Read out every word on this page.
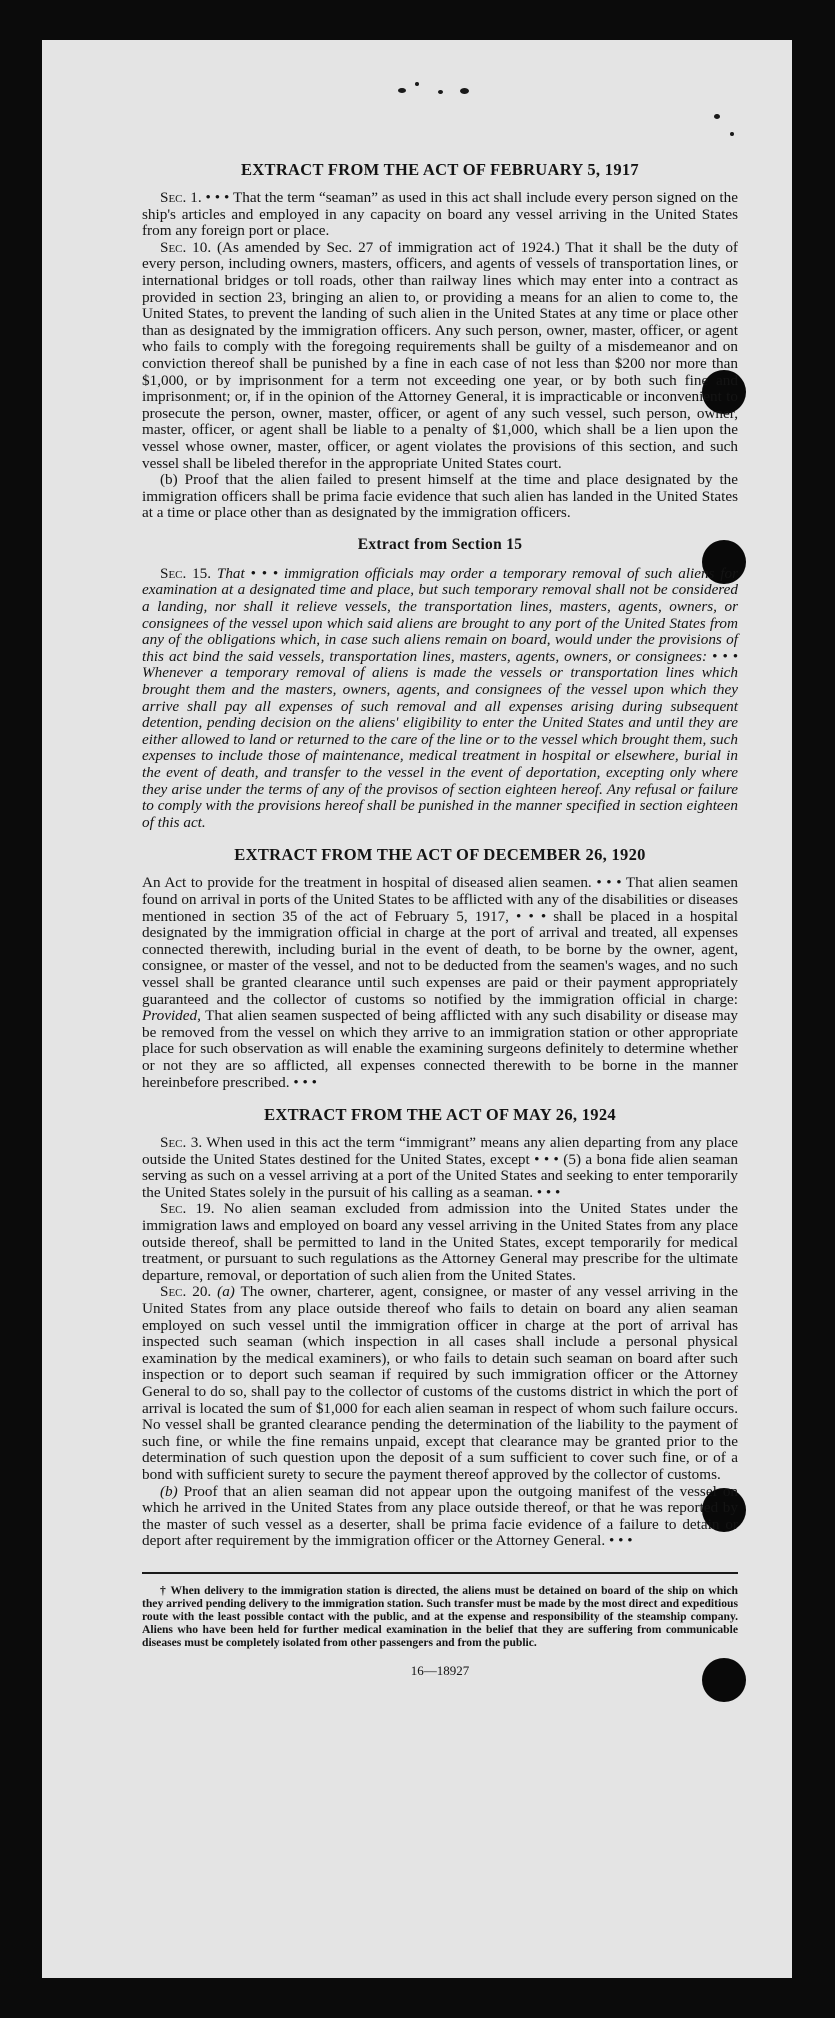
EXTRACT FROM THE ACT OF FEBRUARY 5, 1917

Sec. 1. • • • That the term “seaman” as used in this act shall include every person signed on the ship's articles and employed in any capacity on board any vessel arriving in the United States from any foreign port or place.

Sec. 10. (As amended by Sec. 27 of immigration act of 1924.) That it shall be the duty of every person, including owners, masters, officers, and agents of vessels of transportation lines, or international bridges or toll roads, other than railway lines which may enter into a contract as provided in section 23, bringing an alien to, or providing a means for an alien to come to, the United States, to prevent the landing of such alien in the United States at any time or place other than as designated by the immigration officers. Any such person, owner, master, officer, or agent who fails to comply with the foregoing requirements shall be guilty of a misdemeanor and on conviction thereof shall be punished by a fine in each case of not less than $200 nor more than $1,000, or by imprisonment for a term not exceeding one year, or by both such fine and imprisonment; or, if in the opinion of the Attorney General, it is impracticable or inconvenient to prosecute the person, owner, master, officer, or agent of any such vessel, such person, owner, master, officer, or agent shall be liable to a penalty of $1,000, which shall be a lien upon the vessel whose owner, master, officer, or agent violates the provisions of this section, and such vessel shall be libeled therefor in the appropriate United States court.

(b) Proof that the alien failed to present himself at the time and place designated by the immigration officers shall be prima facie evidence that such alien has landed in the United States at a time or place other than as designated by the immigration officers.

Extract from Section 15

Sec. 15. That • • • immigration officials may order a temporary removal of such aliens for examination at a designated time and place, but such temporary removal shall not be considered a landing, nor shall it relieve vessels, the transportation lines, masters, agents, owners, or consignees of the vessel upon which said aliens are brought to any port of the United States from any of the obligations which, in case such aliens remain on board, would under the provisions of this act bind the said vessels, transportation lines, masters, agents, owners, or consignees: • • • Whenever a temporary removal of aliens is made the vessels or transportation lines which brought them and the masters, owners, agents, and consignees of the vessel upon which they arrive shall pay all expenses of such removal and all expenses arising during subsequent detention, pending decision on the aliens' eligibility to enter the United States and until they are either allowed to land or returned to the care of the line or to the vessel which brought them, such expenses to include those of maintenance, medical treatment in hospital or elsewhere, burial in the event of death, and transfer to the vessel in the event of deportation, excepting only where they arise under the terms of any of the provisos of section eighteen hereof. Any refusal or failure to comply with the provisions hereof shall be punished in the manner specified in section eighteen of this act.

EXTRACT FROM THE ACT OF DECEMBER 26, 1920

An Act to provide for the treatment in hospital of diseased alien seamen. • • • That alien seamen found on arrival in ports of the United States to be afflicted with any of the disabilities or diseases mentioned in section 35 of the act of February 5, 1917, • • • shall be placed in a hospital designated by the immigration official in charge at the port of arrival and treated, all expenses connected therewith, including burial in the event of death, to be borne by the owner, agent, consignee, or master of the vessel, and not to be deducted from the seamen's wages, and no such vessel shall be granted clearance until such expenses are paid or their payment appropriately guaranteed and the collector of customs so notified by the immigration official in charge: Provided, That alien seamen suspected of being afflicted with any such disability or disease may be removed from the vessel on which they arrive to an immigration station or other appropriate place for such observation as will enable the examining surgeons definitely to determine whether or not they are so afflicted, all expenses connected therewith to be borne in the manner hereinbefore prescribed. • • •

EXTRACT FROM THE ACT OF MAY 26, 1924

Sec. 3. When used in this act the term “immigrant” means any alien departing from any place outside the United States destined for the United States, except • • • (5) a bona fide alien seaman serving as such on a vessel arriving at a port of the United States and seeking to enter temporarily the United States solely in the pursuit of his calling as a seaman. • • •

Sec. 19. No alien seaman excluded from admission into the United States under the immigration laws and employed on board any vessel arriving in the United States from any place outside thereof, shall be permitted to land in the United States, except temporarily for medical treatment, or pursuant to such regulations as the Attorney General may prescribe for the ultimate departure, removal, or deportation of such alien from the United States.

Sec. 20. (a) The owner, charterer, agent, consignee, or master of any vessel arriving in the United States from any place outside thereof who fails to detain on board any alien seaman employed on such vessel until the immigration officer in charge at the port of arrival has inspected such seaman (which inspection in all cases shall include a personal physical examination by the medical examiners), or who fails to detain such seaman on board after such inspection or to deport such seaman if required by such immigration officer or the Attorney General to do so, shall pay to the collector of customs of the customs district in which the port of arrival is located the sum of $1,000 for each alien seaman in respect of whom such failure occurs. No vessel shall be granted clearance pending the determination of the liability to the payment of such fine, or while the fine remains unpaid, except that clearance may be granted prior to the determination of such question upon the deposit of a sum sufficient to cover such fine, or of a bond with sufficient surety to secure the payment thereof approved by the collector of customs.

(b) Proof that an alien seaman did not appear upon the outgoing manifest of the vessel on which he arrived in the United States from any place outside thereof, or that he was reported by the master of such vessel as a deserter, shall be prima facie evidence of a failure to detain or deport after requirement by the immigration officer or the Attorney General. • • •

† When delivery to the immigration station is directed, the aliens must be detained on board of the ship on which they arrived pending delivery to the immigration station. Such transfer must be made by the most direct and expeditious route with the least possible contact with the public, and at the expense and responsibility of the steamship company. Aliens who have been held for further medical examination in the belief that they are suffering from communicable diseases must be completely isolated from other passengers and from the public.

16—18927
